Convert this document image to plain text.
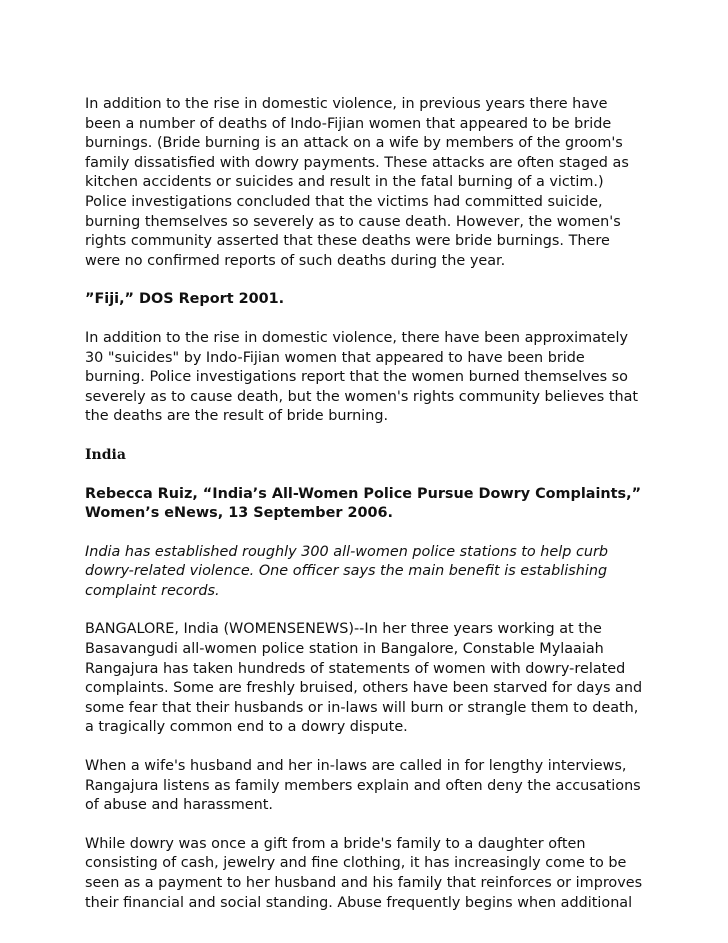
In addition to the rise in domestic violence, in previous years there have
been a number of deaths of Indo-Fijian women that appeared to be bride
burnings. (Bride burning is an attack on a wife by members of the groom's
family dissatisfied with dowry payments. These attacks are often staged as
kitchen accidents or suicides and result in the fatal burning of a victim.)
Police investigations concluded that the victims had committed suicide,
burning themselves so severely as to cause death. However, the women's
rights community asserted that these deaths were bride burnings. There
were no confirmed reports of such deaths during the year.

”Fiji,” DOS Report 2001.

In addition to the rise in domestic violence, there have been approximately
30 "suicides" by Indo-Fijian women that appeared to have been bride
burning. Police investigations report that the women burned themselves so
severely as to cause death, but the women's rights community believes that
the deaths are the result of bride burning.

India

Rebecca Ruiz, “India’s All-Women Police Pursue Dowry Complaints,”
Women’s eNews, 13 September 2006.

India has established roughly 300 all-women police stations to help curb
dowry-related violence. One officer says the main benefit is establishing
complaint records.

BANGALORE, India (WOMENSENEWS)--In her three years working at the
Basavangudi all-women police station in Bangalore, Constable Mylaaiah
Rangajura has taken hundreds of statements of women with dowry-related
complaints. Some are freshly bruised, others have been starved for days and
some fear that their husbands or in-laws will burn or strangle them to death,
a tragically common end to a dowry dispute.

When a wife's husband and her in-laws are called in for lengthy interviews,
Rangajura listens as family members explain and often deny the accusations
of abuse and harassment.

While dowry was once a gift from a bride's family to a daughter often
consisting of cash, jewelry and fine clothing, it has increasingly come to be
seen as a payment to her husband and his family that reinforces or improves
their financial and social standing. Abuse frequently begins when additional
